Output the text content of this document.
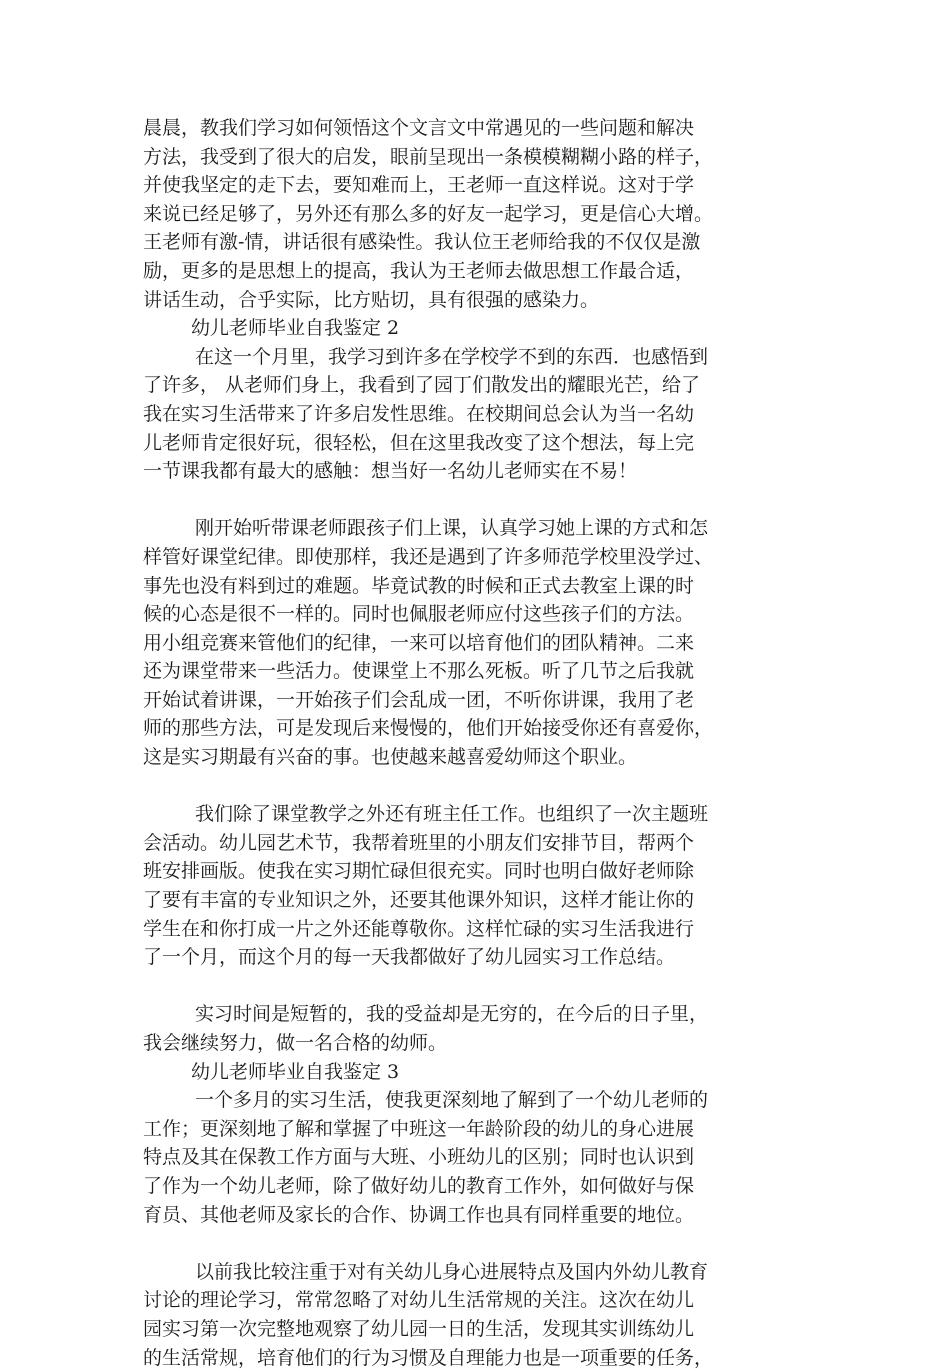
晨晨，教我们学习如何领悟这个文言文中常遇见的一些问题和解决
方法，我受到了很大的启发，眼前呈现出一条模模糊糊小路的样子，
并使我坚定的走下去，要知难而上，王老师一直这样说。这对于学
来说已经足够了，另外还有那么多的好友一起学习，更是信心大增。
王老师有激-情，讲话很有感染性。我认位王老师给我的不仅仅是激
励，更多的是思想上的提高，我认为王老师去做思想工作最合适，
讲话生动，合乎实际，比方贴切，具有很强的感染力。
幼儿老师毕业自我鉴定 2
在这一个月里，我学习到许多在学校学不到的东西．也感悟到
了许多， 从老师们身上，我看到了园丁们散发出的耀眼光芒，给了
我在实习生活带来了许多启发性思维。在校期间总会认为当一名幼
儿老师肯定很好玩，很轻松，但在这里我改变了这个想法，每上完
一节课我都有最大的感触：想当好一名幼儿老师实在不易！
刚开始听带课老师跟孩子们上课，认真学习她上课的方式和怎
样管好课堂纪律。即使那样，我还是遇到了许多师范学校里没学过、
事先也没有料到过的难题。毕竟试教的时候和正式去教室上课的时
候的心态是很不一样的。同时也佩服老师应付这些孩子们的方法。
用小组竞赛来管他们的纪律，一来可以培育他们的团队精神。二来
还为课堂带来一些活力。使课堂上不那么死板。听了几节之后我就
开始试着讲课，一开始孩子们会乱成一团，不听你讲课，我用了老
师的那些方法，可是发现后来慢慢的，他们开始接受你还有喜爱你，
这是实习期最有兴奋的事。也使越来越喜爱幼师这个职业。
我们除了课堂教学之外还有班主任工作。也组织了一次主题班
会活动。幼儿园艺术节，我帮着班里的小朋友们安排节目，帮两个
班安排画版。使我在实习期忙碌但很充实。同时也明白做好老师除
了要有丰富的专业知识之外，还要其他课外知识，这样才能让你的
学生在和你打成一片之外还能尊敬你。这样忙碌的实习生活我进行
了一个月，而这个月的每一天我都做好了幼儿园实习工作总结。
实习时间是短暂的，我的受益却是无穷的，在今后的日子里，
我会继续努力，做一名合格的幼师。
幼儿老师毕业自我鉴定 3
一个多月的实习生活，使我更深刻地了解到了一个幼儿老师的
工作；更深刻地了解和掌握了中班这一年龄阶段的幼儿的身心进展
特点及其在保教工作方面与大班、小班幼儿的区别；同时也认识到
了作为一个幼儿老师，除了做好幼儿的教育工作外，如何做好与保
育员、其他老师及家长的合作、协调工作也具有同样重要的地位。
以前我比较注重于对有关幼儿身心进展特点及国内外幼儿教育
讨论的理论学习，常常忽略了对幼儿生活常规的关注。这次在幼儿
园实习第一次完整地观察了幼儿园一日的生活，发现其实训练幼儿
的生活常规，培育他们的行为习惯及自理能力也是一项重要的任务，
